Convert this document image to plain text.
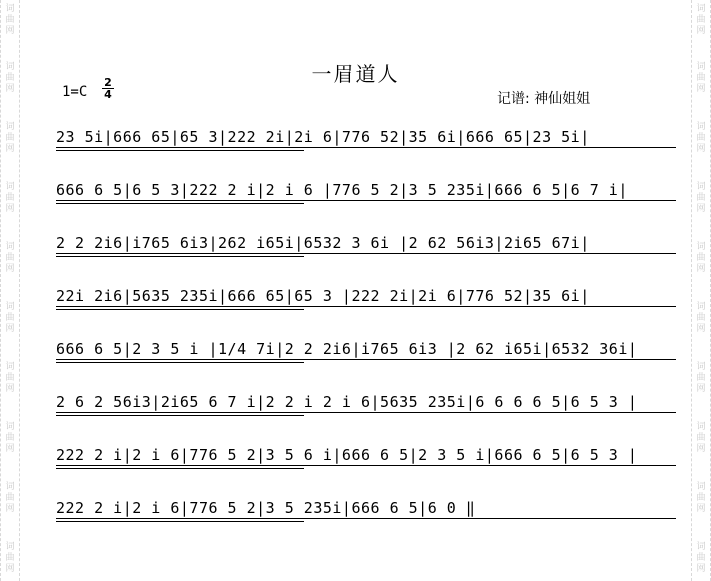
词
曲
网
词
曲
网
词
曲
网
词
曲
网
词
曲
网
词
曲
网
词
曲
网
词
曲
网
词
曲
网
词
曲
网
词
曲
网
词
曲
网
词
曲
网
词
曲
网
词
曲
网
词
曲
网
词
曲
网
词
曲
网
词
曲
网
词
曲
网
一眉道人
$1=C \frac{2}{4}$	记谱: 神仙姐姐
23 5i|666 65|65 3|222 2i|2i 6|776 52|35 6i|666 65|23 5i|
666 6 5|6 5 3|222 2 i|2 i 6 |776 5 2|3 5 235i|666 6 5|6 7 i|
2 2 2i6|i765 6i3|262 i65i|6532 3 6i |2 62 56i3|2i65 67i|
22i 2i6|5635 235i|666 65|65 3 |222 2i|2i 6|776 52|35 6i|
666 6 5|2 3 5 i |1/4 7i|2 2 2i6|i765 6i3 |2 62 i65i|6532 36i|
2 6 2 56i3|2i65 6 7 i|2 2 i 2 i 6|5635 235i|6 6 6 6 5|6 5 3 |
222 2 i|2 i 6|776 5 2|3 5 6 i|666 6 5|2 3 5 i|666 6 5|6 5 3 |
222 2 i|2 i 6|776 5 2|3 5 235i|666 6 5|6 0 ‖
